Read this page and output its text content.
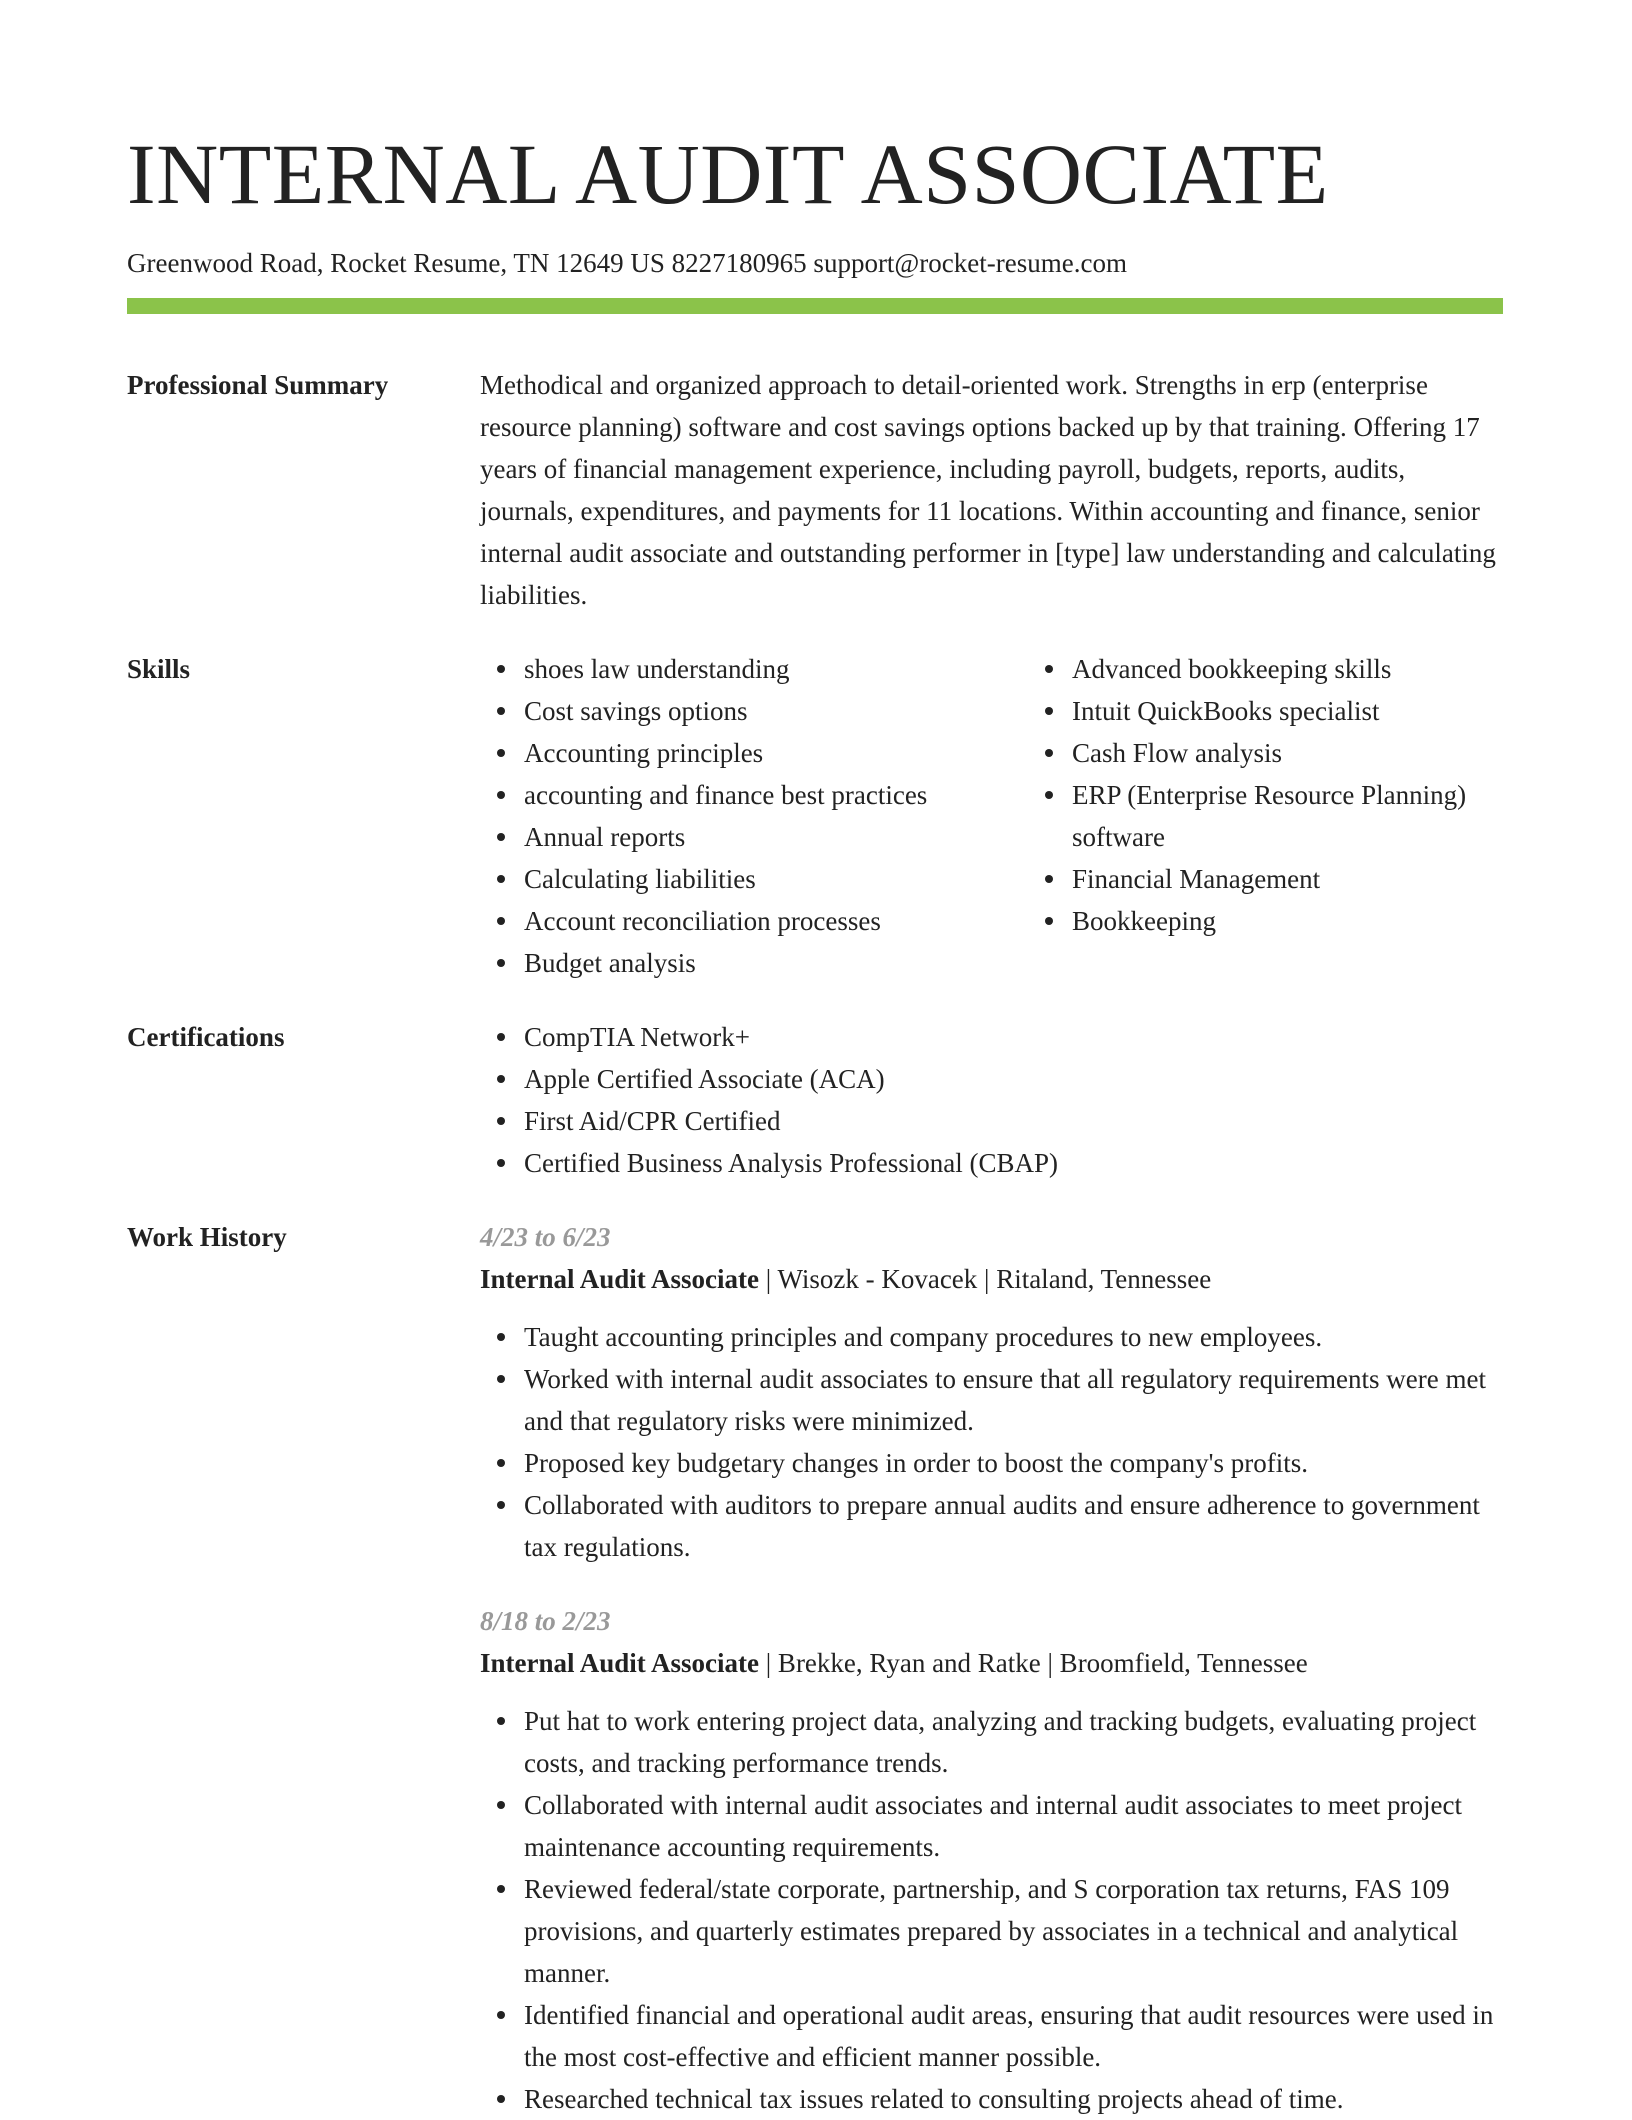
INTERNAL AUDIT ASSOCIATE
Greenwood Road, Rocket Resume, TN 12649 US 8227180965 support@rocket-resume.com
Professional Summary	Methodical and organized approach to detail-oriented work. Strengths in erp (enterprise resource planning) software and cost savings options backed up by that training. Offering 17 years of financial management experience, including payroll, budgets, reports, audits, journals, expenditures, and payments for 11 locations. Within accounting and finance, senior internal audit associate and outstanding performer in [type] law understanding and calculating liabilities.
Skills	shoes law understanding
Cost savings options
Accounting principles
accounting and finance best practices
Annual reports
Calculating liabilities
Account reconciliation processes
Budget analysis
Advanced bookkeeping skills
Intuit QuickBooks specialist
Cash Flow analysis
ERP (Enterprise Resource Planning) software
Financial Management
Bookkeeping
Certifications	CompTIA Network+
Apple Certified Associate (ACA)
First Aid/CPR Certified
Certified Business Analysis Professional (CBAP)
Work History	4/23 to 6/23
Internal Audit Associate | Wisozk - Kovacek | Ritaland, Tennessee
Taught accounting principles and company procedures to new employees.
Worked with internal audit associates to ensure that all regulatory requirements were met and that regulatory risks were minimized.
Proposed key budgetary changes in order to boost the company's profits.
Collaborated with auditors to prepare annual audits and ensure adherence to government tax regulations.
8/18 to 2/23
Internal Audit Associate | Brekke, Ryan and Ratke | Broomfield, Tennessee
Put hat to work entering project data, analyzing and tracking budgets, evaluating project costs, and tracking performance trends.
Collaborated with internal audit associates and internal audit associates to meet project maintenance accounting requirements.
Reviewed federal/state corporate, partnership, and S corporation tax returns, FAS 109 provisions, and quarterly estimates prepared by associates in a technical and analytical manner.
Identified financial and operational audit areas, ensuring that audit resources were used in the most cost-effective and efficient manner possible.
Researched technical tax issues related to consulting projects ahead of time.
